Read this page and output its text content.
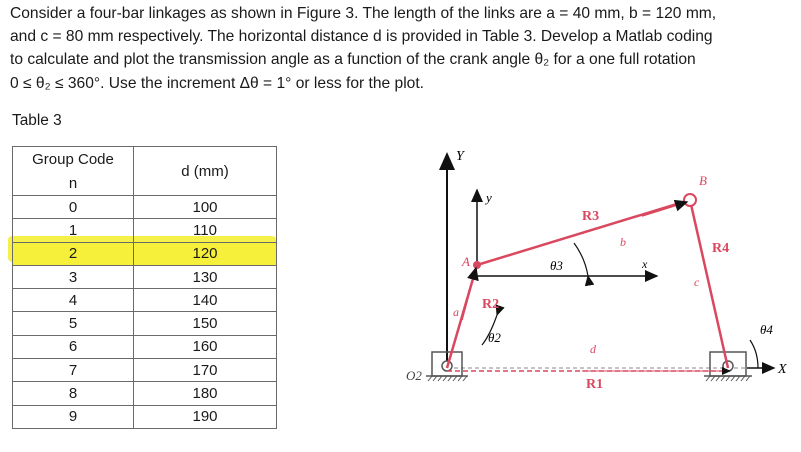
Consider a four-bar linkages as shown in Figure 3. The length of the links are a = 40 mm, b = 120 mm,

and c = 80 mm respectively. The horizontal distance d is provided in Table 3. Develop a Matlab coding

to calculate and plot the transmission angle as a function of the crank angle θ₂ for a one full rotation

0 ≤ θ₂ ≤ 360°. Use the increment Δθ = 1° or less for the plot.

Table 3
Group Code	d (mm)
n	
0	100
1	110
2	120
3	130
4	140
5	150
6	160
7	170
8	180
9	190
Y
X
y
x
O2
A
B
R2
R3
R4
R1
a
b
c
d
θ2
θ3
θ4
